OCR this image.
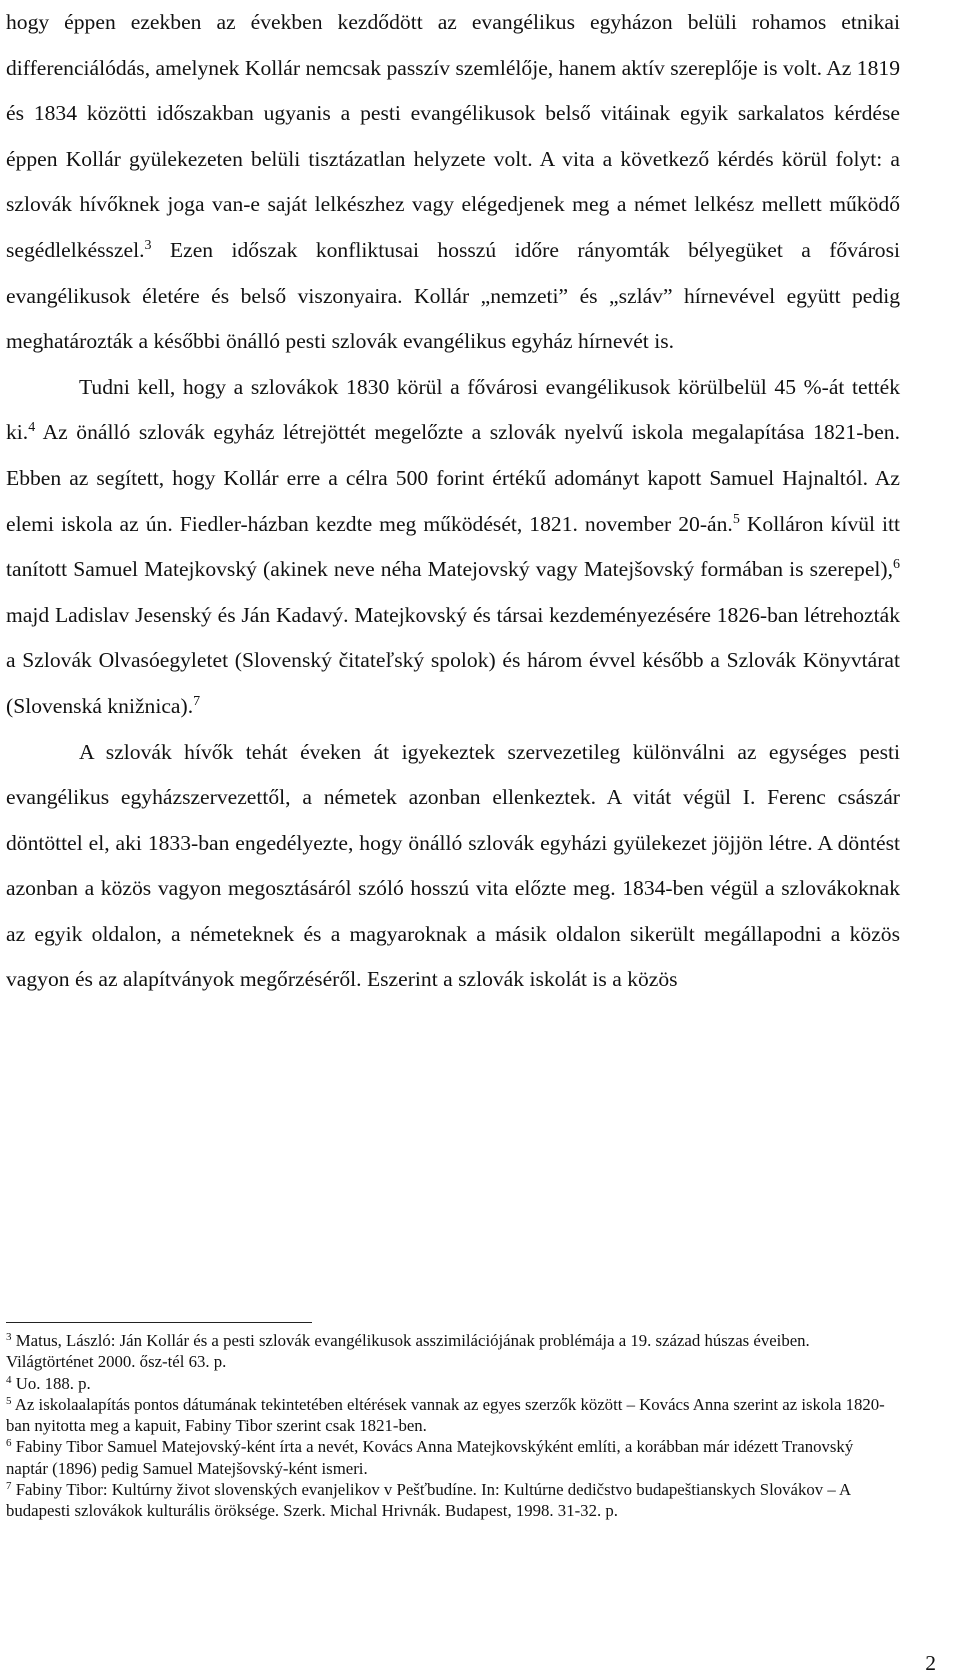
hogy éppen ezekben az években kezdődött az evangélikus egyházon belüli rohamos etnikai differenciálódás, amelynek Kollár nemcsak passzív szemlélője, hanem aktív szereplője is volt. Az 1819 és 1834 közötti időszakban ugyanis a pesti evangélikusok belső vitáinak egyik sarkalatos kérdése éppen Kollár gyülekezeten belüli tisztázatlan helyzete volt. A vita a következő kérdés körül folyt: a szlovák hívőknek joga van-e saját lelkészhez vagy elégedjenek meg a német lelkész mellett működő segédlelkésszel.$^3$ Ezen időszak konfliktusai hosszú időre rányomták bélyegüket a fővárosi evangélikusok életére és belső viszonyaira. Kollár „nemzeti” és „szláv” hírnevével együtt pedig meghatározták a későbbi önálló pesti szlovák evangélikus egyház hírnevét is.

Tudni kell, hogy a szlovákok 1830 körül a fővárosi evangélikusok körülbelül 45 %-át tették ki.$^4$ Az önálló szlovák egyház létrejöttét megelőzte a szlovák nyelvű iskola megalapítása 1821-ben. Ebben az segített, hogy Kollár erre a célra 500 forint értékű adományt kapott Samuel Hajnaltól. Az elemi iskola az ún. Fiedler-házban kezdte meg működését, 1821. november 20-án.$^5$ Kolláron kívül itt tanított Samuel Matejkovský (akinek neve néha Matejovský vagy Matejšovský formában is szerepel),$^6$ majd Ladislav Jesenský és Ján Kadavý. Matejkovský és társai kezdeményezésére 1826-ban létrehozták a Szlovák Olvasóegyletet (Slovenský čitateľský spolok) és három évvel később a Szlovák Könyvtárat (Slovenská knižnica).$^7$

A szlovák hívők tehát éveken át igyekeztek szervezetileg különválni az egységes pesti evangélikus egyházszervezettől, a németek azonban ellenkeztek. A vitát végül I. Ferenc császár döntöttel el, aki 1833-ban engedélyezte, hogy önálló szlovák egyházi gyülekezet jöjjön létre. A döntést azonban a közös vagyon megosztásáról szóló hosszú vita előzte meg. 1834-ben végül a szlovákoknak az egyik oldalon, a németeknek és a magyaroknak a másik oldalon sikerült megállapodni a közös vagyon és az alapítványok megőrzéséről. Eszerint a szlovák iskolát is a közös

$^3$ Matus, László: Ján Kollár és a pesti szlovák evangélikusok asszimilációjának problémája a 19. század húszas éveiben. Világtörténet 2000. ősz-tél 63. p.

$^4$ Uo. 188. p.

$^5$ Az iskolaalapítás pontos dátumának tekintetében eltérések vannak az egyes szerzők között – Kovács Anna szerint az iskola 1820-ban nyitotta meg a kapuit, Fabiny Tibor szerint csak 1821-ben.

$^6$ Fabiny Tibor Samuel Matejovský-ként írta a nevét, Kovács Anna Matejkovskýként említi, a korábban már idézett Tranovský naptár (1896) pedig Samuel Matejšovský-ként ismeri.

$^7$ Fabiny Tibor: Kultúrny život slovenských evanjelikov v Pešťbudíne. In: Kultúrne dedičstvo budapeštianskych Slovákov – A budapesti szlovákok kulturális öröksége. Szerk. Michal Hrivnák. Budapest, 1998. 31-32. p.

2
